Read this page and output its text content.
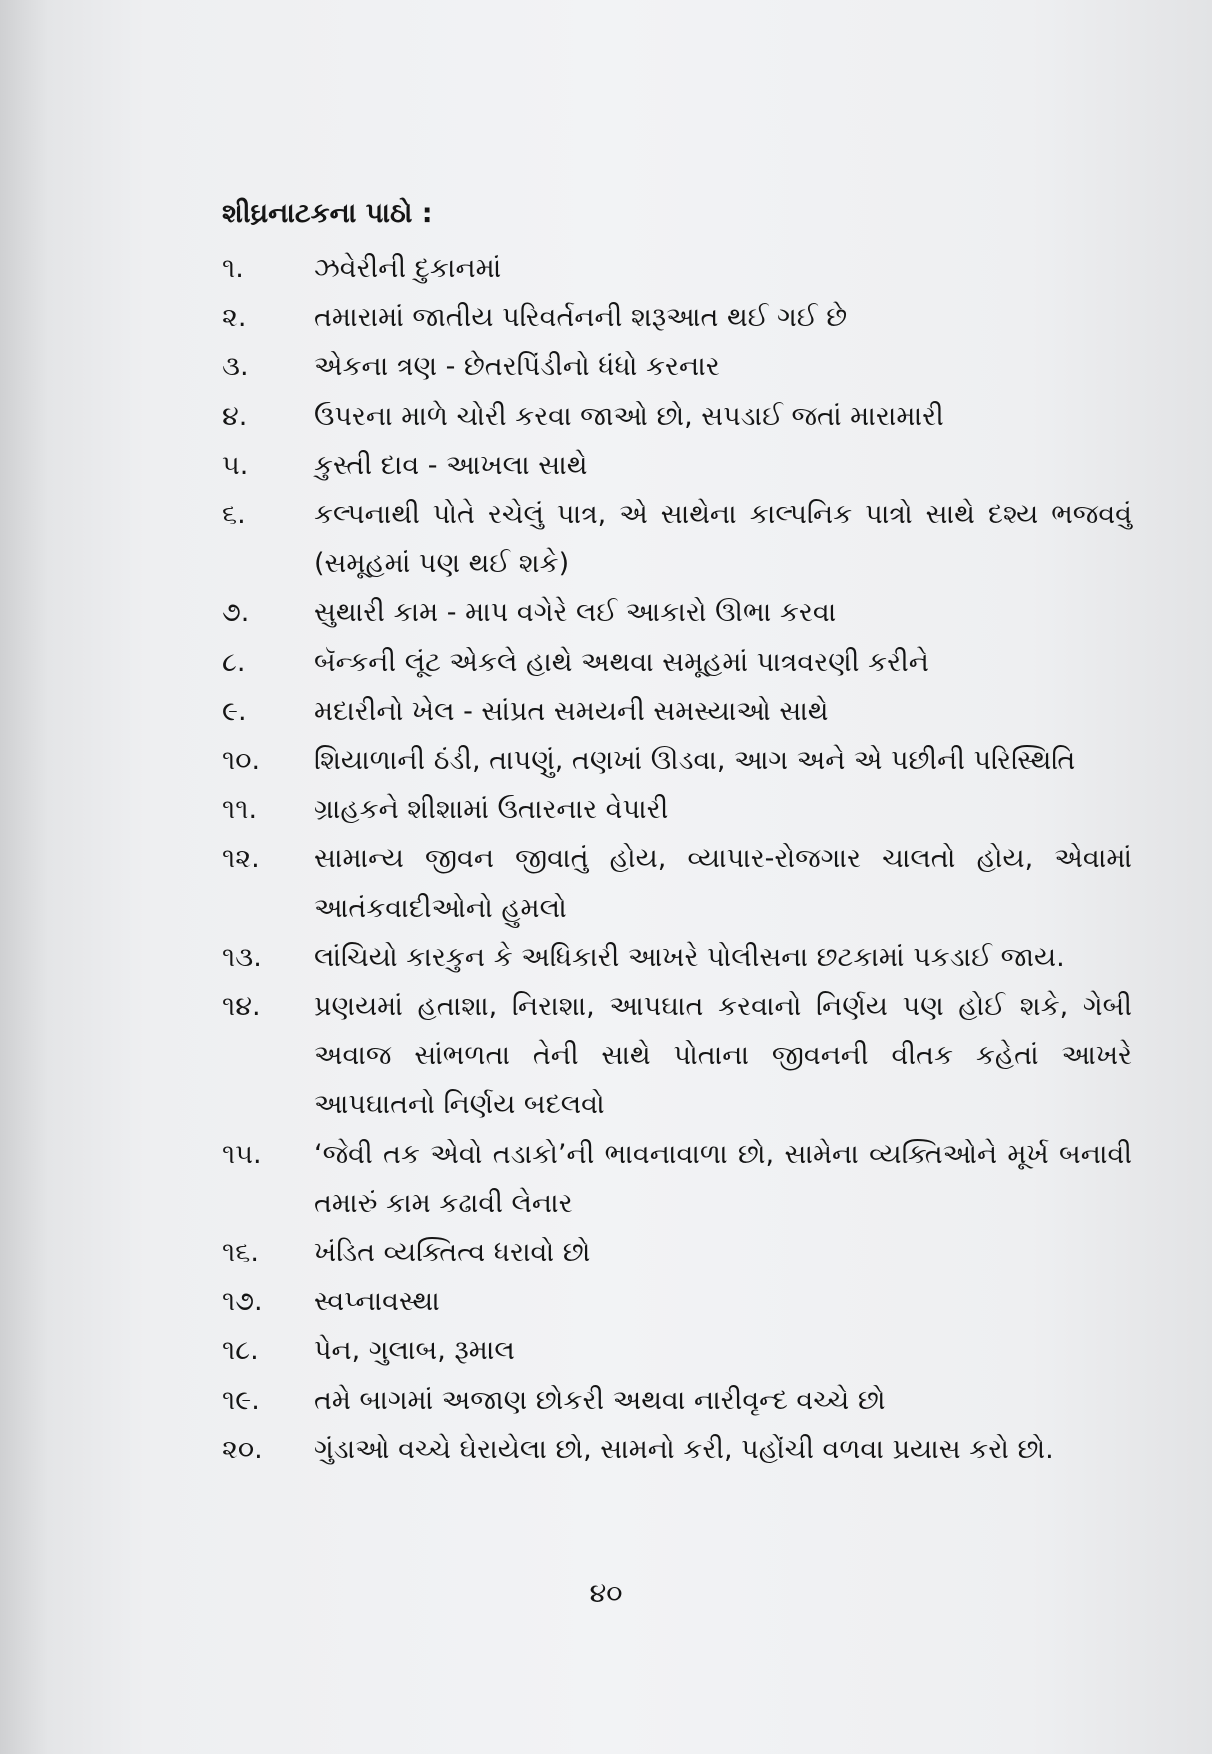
શીઘ્રનાટકના પાઠો :
૧.	ઝવેરીની દુકાનમાં
૨.	તમારામાં જાતીય પરિવર્તનની શરૂઆત થઈ ગઈ છે
૩.	એકના ત્રણ - છેતરપિંડીનો ધંધો કરનાર
૪.	ઉપરના માળે ચોરી કરવા જાઓ છો, સપડાઈ જતાં મારામારી
૫.	કુસ્તી દાવ - આખલા સાથે
૬.	કલ્પનાથી પોતે રચેલું પાત્ર, એ સાથેના કાલ્પનિક પાત્રો સાથે દશ્ય ભજવવું (સમૂહમાં પણ થઈ શકે)
૭.	સુથારી કામ - માપ વગેરે લઈ આકારો ઊભા કરવા
૮.	બૅન્કની લૂંટ એકલે હાથે અથવા સમૂહમાં પાત્રવરણી કરીને
૯.	મદારીનો ખેલ - સાંપ્રત સમયની સમસ્યાઓ સાથે
૧૦.	શિયાળાની ઠંડી, તાપણું, તણખાં ઊડવા, આગ અને એ પછીની પરિસ્થિતિ
૧૧.	ગ્રાહકને શીશામાં ઉતારનાર વેપારી
૧૨.	સામાન્ય જીવન જીવાતું હોય, વ્યાપાર-રોજગાર ચાલતો હોય, એવામાં આતંકવાદીઓનો હુમલો
૧૩.	લાંચિયો કારકુન કે અધિકારી આખરે પોલીસના છટકામાં પકડાઈ જાય.
૧૪.	પ્રણયમાં હતાશા, નિરાશા, આપઘાત કરવાનો નિર્ણય પણ હોઈ શકે, ગેબી અવાજ સાંભળતા તેની સાથે પોતાના જીવનની વીતક કહેતાં આખરે આપઘાતનો નિર્ણય બદલવો
૧૫.	‘જેવી તક એવો તડાકો’ની ભાવનાવાળા છો, સામેના વ્યક્તિઓને મૂર્ખ બનાવી તમારું કામ કઢાવી લેનાર
૧૬.	ખંડિત વ્યક્તિત્વ ધરાવો છો
૧૭.	સ્વપ્નાવસ્થા
૧૮.	પેન, ગુલાબ, રૂમાલ
૧૯.	તમે બાગમાં અજાણ છોકરી અથવા નારીવૃન્દ વચ્ચે છો
૨૦.	ગુંડાઓ વચ્ચે ઘેરાયેલા છો, સામનો કરી, પહોંચી વળવા પ્રયાસ કરો છો.
૪૦
